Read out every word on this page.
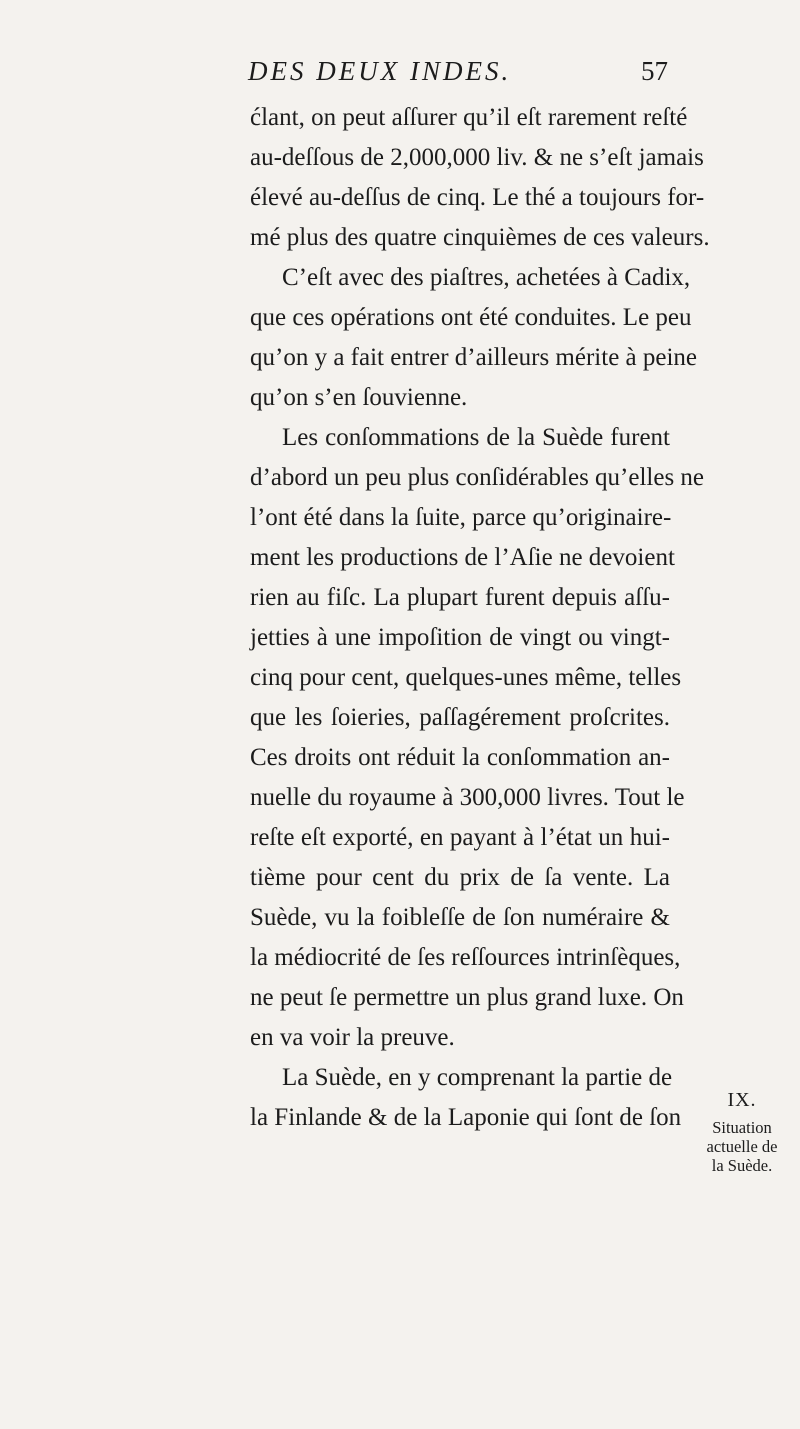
DES DEUX INDES.	57
ćlant, on peut aſſurer qu’il eſt rarement reſté
au-deſſous de 2,000,000 liv. & ne s’eſt jamais
élevé au-deſſus de cinq. Le thé a toujours for-
mé plus des quatre cinquièmes de ces valeurs.
C’eſt avec des piaſtres, achetées à Cadix,
que ces opérations ont été conduites. Le peu
qu’on y a fait entrer d’ailleurs mérite à peine
qu’on s’en ſouvienne.
Les conſommations de la Suède furent
d’abord un peu plus conſidérables qu’elles ne
l’ont été dans la ſuite, parce qu’originaire-
ment les productions de l’Aſie ne devoient
rien au fiſc. La plupart furent depuis aſſu-
jetties à une impoſition de vingt ou vingt-
cinq pour cent, quelques-unes même, telles
que les ſoieries, paſſagérement proſcrites.
Ces droits ont réduit la conſommation an-
nuelle du royaume à 300,000 livres. Tout le
reſte eſt exporté, en payant à l’état un hui-
tième pour cent du prix de ſa vente. La
Suède, vu la foibleſſe de ſon numéraire &
la médiocrité de ſes reſſources intrinſèques,
ne peut ſe permettre un plus grand luxe. On
en va voir la preuve.
La Suède, en y comprenant la partie de
la Finlande & de la Laponie qui ſont de ſon
IX.
Situation
actuelle de
la Suède.
